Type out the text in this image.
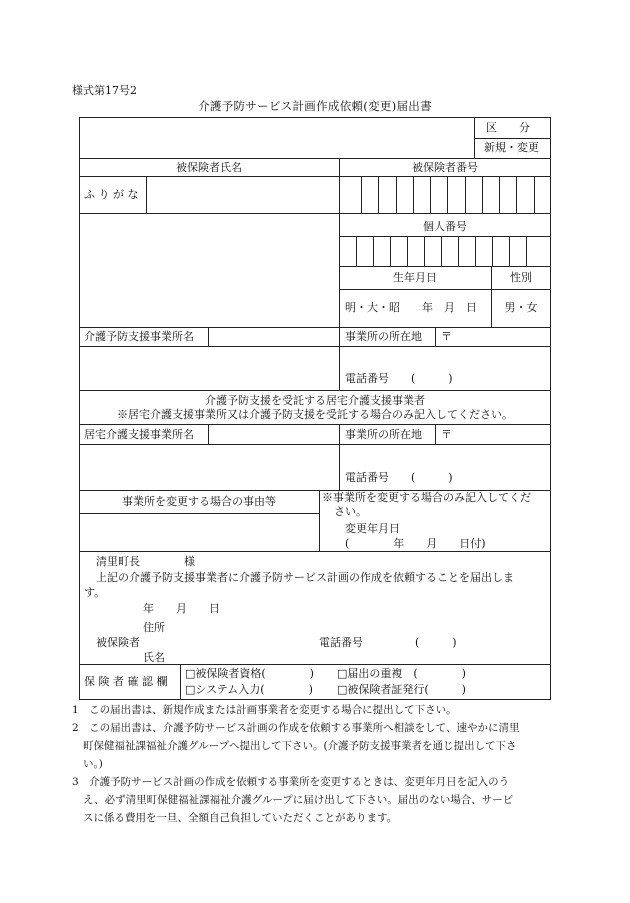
様式第17号2
介護予防サービス計画作成依頼(変更)届出書
区　　分
新規・変更
被保険者氏名	被保険者番号
ふ り が な
個人番号
生年月日	性別
明・大・昭　　年　月　日	男・女
介護予防支援事業所名	事業所の所在地 〒
電話番号　　(　　　)
介護予防支援を受託する居宅介護支援事業者
※居宅介護支援事業所又は介護予防支援を受託する場合のみ記入してください。
居宅介護支援事業所名	事業所の所在地 〒
電話番号　　(　　　)
事業所を変更する場合の事由等	※事業所を変更する場合のみ記入してくだ
さい。
変更年月日
(　　　　年　　月　　日付)
清里町長　　　　様
上記の介護予防支援事業者に介護予防サービス計画の作成を依頼することを届出しま
す。
年　　月　　日
住所
被保険者	電話番号	(　　　)
氏名
保 険 者 確 認 欄
□被保険者資格(　　　　) □届出の重複　(　　　　)
□システム入力(　　　　) □被保険者証発行(　　　)
1　この届出書は、新規作成または計画事業者を変更する場合に提出して下さい。
2　この届出書は、介護予防サービス計画の作成を依頼する事業所へ相談をして、速やかに清里
町保健福祉課福祉介護グループへ提出して下さい。(介護予防支援事業者を通じ提出して下さ
い。)
3　介護予防サービス計画の作成を依頼する事業所を変更するときは、変更年月日を記入のう
え、必ず清里町保健福祉課福祉介護グループに届け出して下さい。届出のない場合、サービ
スに係る費用を一旦、全額自己負担していただくことがあります。
